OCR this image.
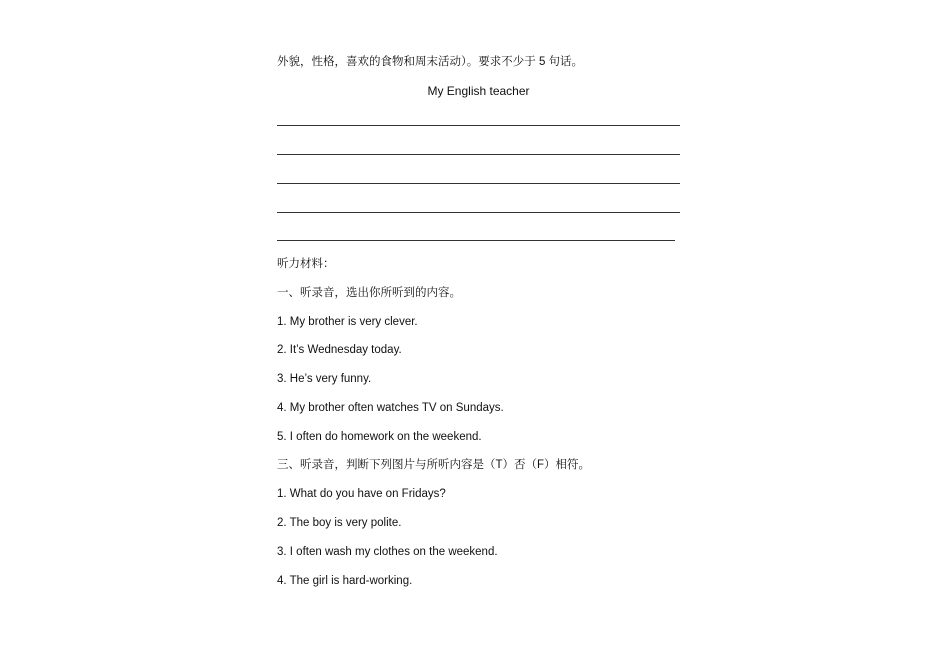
外貌，性格，喜欢的食物和周末活动）。要求不少于 5 句话。
My English teacher
听力材料：
一、听录音，选出你所听到的内容。
1. My brother is very clever.
2. It’s Wednesday today.
3. He’s very funny.
4. My brother often watches TV on Sundays.
5. I often do homework on the weekend.
三、听录音，判断下列图片与所听内容是（T）否（F）相符。
1. What do you have on Fridays?
2. The boy is very polite.
3. I often wash my clothes on the weekend.
4. The girl is hard-working.
